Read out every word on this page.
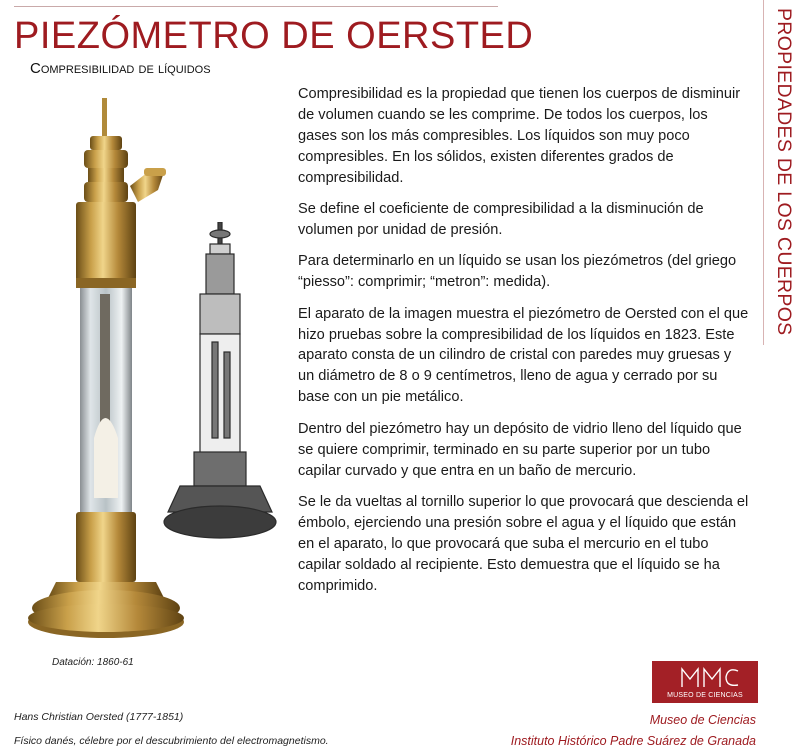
PIEZÓMETRO DE OERSTED
Compresibilidad de líquidos	PROPIEDADES DE LOS CUERPOS

Compresibilidad es la propiedad que tienen los cuerpos de disminuir de volumen cuando se les comprime. De todos los cuerpos, los gases son los más compresibles. Los líquidos son muy poco compresibles. En los sólidos, existen diferentes grados de compresibilidad.

Se define el coeficiente de compresibilidad a la disminución de volumen por unidad de presión.

Para determinarlo en un líquido se usan los piezómetros (del griego “piesso”: comprimir; “metron”: medida).

El aparato de la imagen muestra el piezómetro de Oersted con el que hizo pruebas sobre la compresibilidad de los líquidos en 1823. Este aparato consta de un cilindro de cristal con paredes muy gruesas y un diámetro de 8 o 9 centímetros, lleno de agua y cerrado por su base con un pie metálico.

Dentro del piezómetro hay un depósito de vidrio lleno del líquido que se quiere comprimir, terminado en su parte superior por un tubo capilar curvado y que entra en un baño de mercurio.

Se le da vueltas al tornillo superior lo que provocará que descienda el émbolo, ejerciendo una presión sobre el agua y el líquido que están en el aparato, lo que provocará que suba el mercurio en el tubo capilar soldado al recipiente. Esto demuestra que el líquido se ha comprimido.

Datación: 1860-61
Hans Christian Oersted (1777-1851)
Físico danés, célebre por el descubrimiento del electromagnetismo.
MUSEO DE CIENCIAS
Museo de Ciencias
Instituto Histórico Padre Suárez de Granada
